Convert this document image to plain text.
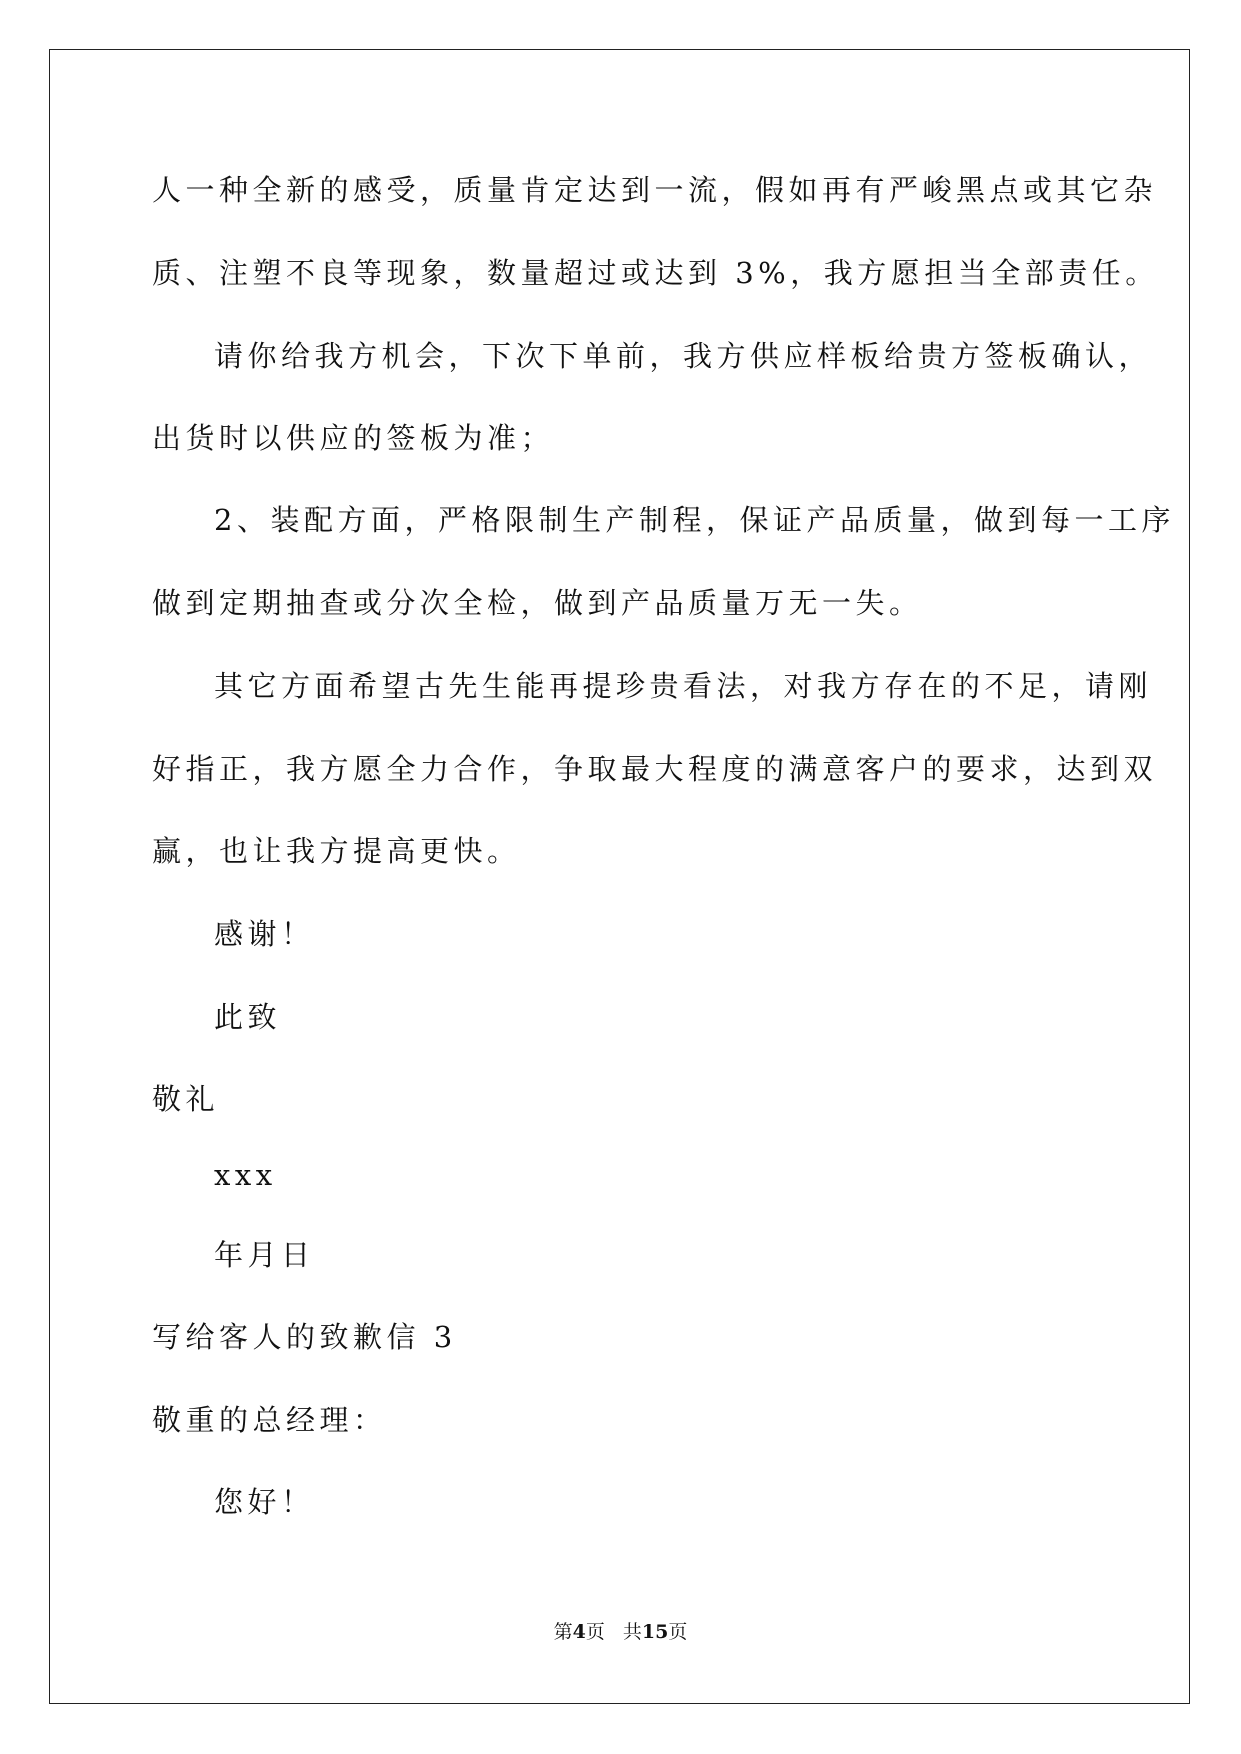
人一种全新的感受，质量肯定达到一流，假如再有严峻黑点或其它杂
质、注塑不良等现象，数量超过或达到 3%，我方愿担当全部责任。
请你给我方机会，下次下单前，我方供应样板给贵方签板确认，
出货时以供应的签板为准；
2、装配方面，严格限制生产制程，保证产品质量，做到每一工序
做到定期抽查或分次全检，做到产品质量万无一失。
其它方面希望古先生能再提珍贵看法，对我方存在的不足，请刚
好指正，我方愿全力合作，争取最大程度的满意客户的要求，达到双
赢，也让我方提高更快。
感谢！
此致
敬礼
xxx
年月日
写给客人的致歉信 3
敬重的总经理：
您好！
第4页 共15页
